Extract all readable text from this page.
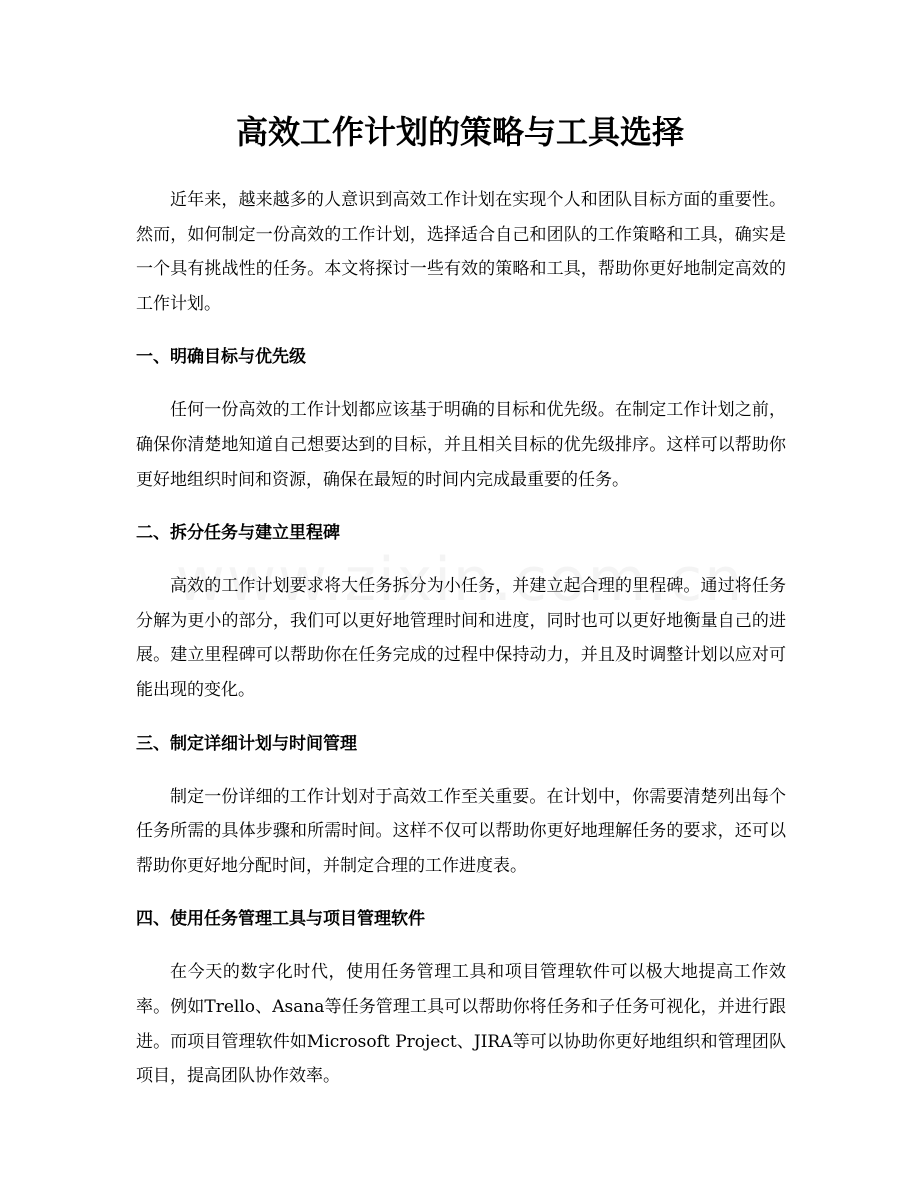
高效工作计划的策略与工具选择

近年来，越来越多的人意识到高效工作计划在实现个人和团队目标方面的重要性。然而，如何制定一份高效的工作计划，选择适合自己和团队的工作策略和工具，确实是一个具有挑战性的任务。本文将探讨一些有效的策略和工具，帮助你更好地制定高效的工作计划。

一、明确目标与优先级

任何一份高效的工作计划都应该基于明确的目标和优先级。在制定工作计划之前，确保你清楚地知道自己想要达到的目标，并且相关目标的优先级排序。这样可以帮助你更好地组织时间和资源，确保在最短的时间内完成最重要的任务。

二、拆分任务与建立里程碑

高效的工作计划要求将大任务拆分为小任务，并建立起合理的里程碑。通过将任务分解为更小的部分，我们可以更好地管理时间和进度，同时也可以更好地衡量自己的进展。建立里程碑可以帮助你在任务完成的过程中保持动力，并且及时调整计划以应对可能出现的变化。

三、制定详细计划与时间管理

制定一份详细的工作计划对于高效工作至关重要。在计划中，你需要清楚列出每个任务所需的具体步骤和所需时间。这样不仅可以帮助你更好地理解任务的要求，还可以帮助你更好地分配时间，并制定合理的工作进度表。

四、使用任务管理工具与项目管理软件

在今天的数字化时代，使用任务管理工具和项目管理软件可以极大地提高工作效率。例如Trello、Asana等任务管理工具可以帮助你将任务和子任务可视化，并进行跟进。而项目管理软件如Microsoft Project、JIRA等可以协助你更好地组织和管理团队项目，提高团队协作效率。
